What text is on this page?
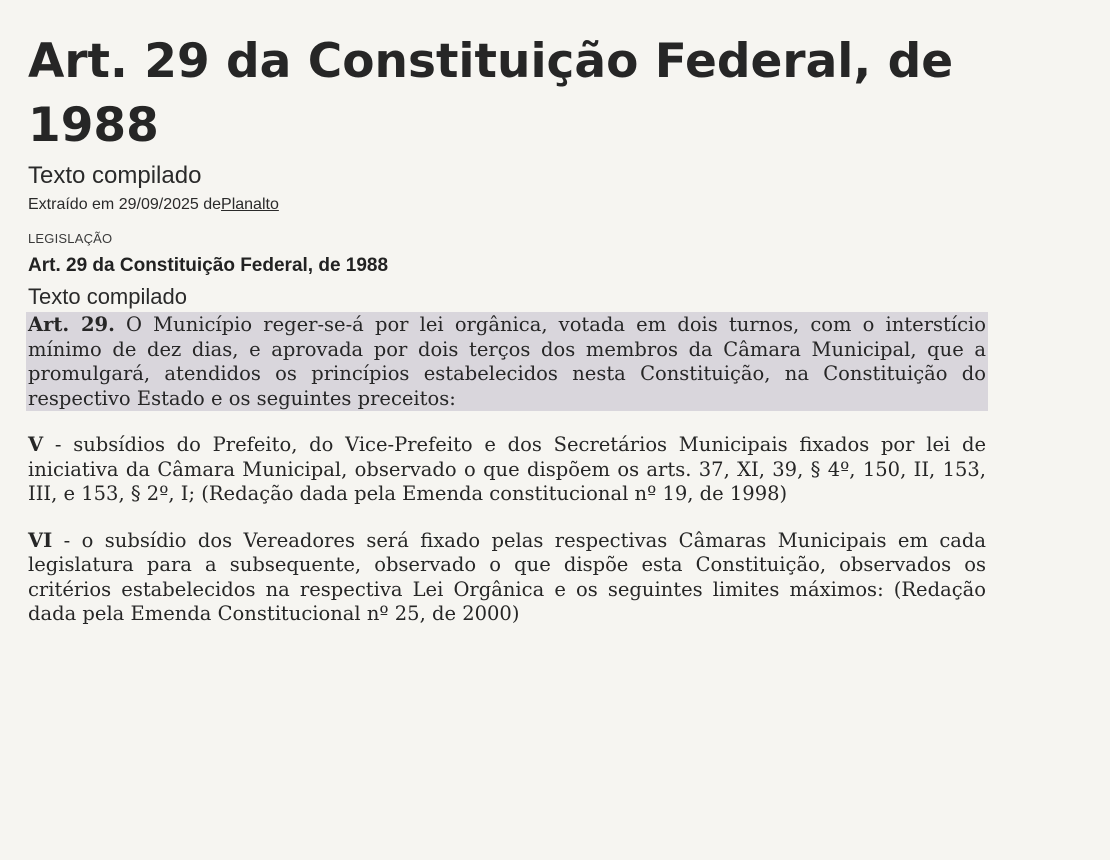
Art. 29 da Constituição Federal, de 1988
Texto compilado
Extraído em 29/09/2025 dePlanalto
LEGISLAÇÃO
Art. 29 da Constituição Federal, de 1988
Texto compilado
Art. 29. O Município reger-se-á por lei orgânica, votada em dois turnos, com o interstício mínimo de dez dias, e aprovada por dois terços dos membros da Câmara Municipal, que a promulgará, atendidos os princípios estabelecidos nesta Constituição, na Constituição do respectivo Estado e os seguintes preceitos:
V - subsídios do Prefeito, do Vice-Prefeito e dos Secretários Municipais fixados por lei de iniciativa da Câmara Municipal, observado o que dispõem os arts. 37, XI, 39, § 4º, 150, II, 153, III, e 153, § 2º, I; (Redação dada pela Emenda constitucional nº 19, de 1998)
VI - o subsídio dos Vereadores será fixado pelas respectivas Câmaras Municipais em cada legislatura para a subsequente, observado o que dispõe esta Constituição, observados os critérios estabelecidos na respectiva Lei Orgânica e os seguintes limites máximos: (Redação dada pela Emenda Constitucional nº 25, de 2000)
